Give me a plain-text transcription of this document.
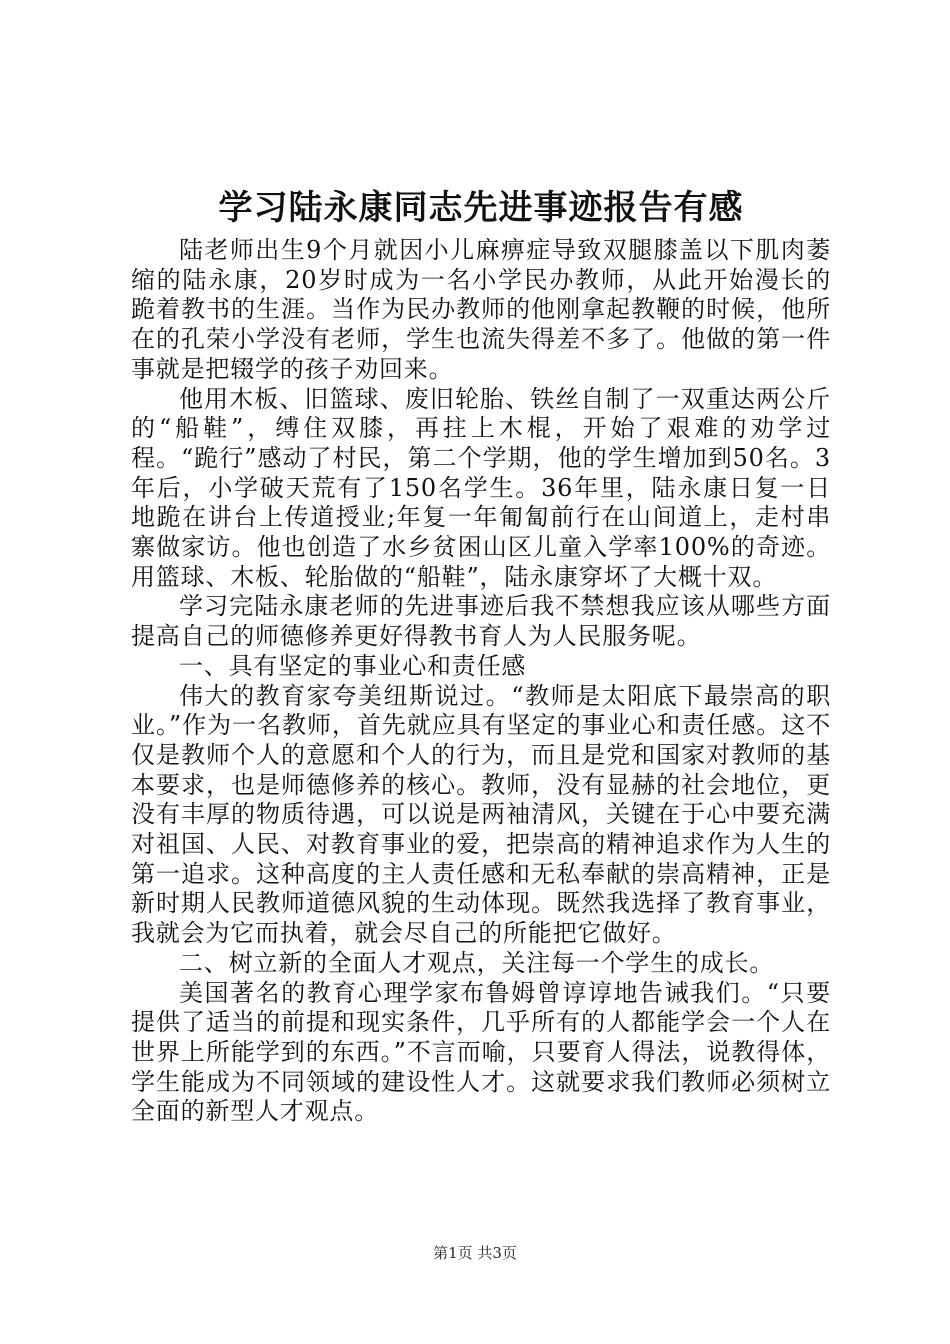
学习陆永康同志先进事迹报告有感

陆老师出生9个月就因小儿麻痹症导致双腿膝盖以下肌肉萎缩的陆永康，20岁时成为一名小学民办教师，从此开始漫长的跪着教书的生涯。当作为民办教师的他刚拿起教鞭的时候，他所在的孔荣小学没有老师，学生也流失得差不多了。他做的第一件事就是把辍学的孩子劝回来。

他用木板、旧篮球、废旧轮胎、铁丝自制了一双重达两公斤的“船鞋”，缚住双膝，再拄上木棍，开始了艰难的劝学过程。“跪行”感动了村民，第二个学期，他的学生增加到50名。3年后，小学破天荒有了150名学生。36年里，陆永康日复一日地跪在讲台上传道授业;年复一年匍匐前行在山间道上，走村串寨做家访。他也创造了水乡贫困山区儿童入学率100%的奇迹。用篮球、木板、轮胎做的“船鞋”，陆永康穿坏了大概十双。

学习完陆永康老师的先进事迹后我不禁想我应该从哪些方面提高自己的师德修养更好得教书育人为人民服务呢。

一、具有坚定的事业心和责任感

伟大的教育家夸美纽斯说过。“教师是太阳底下最崇高的职业。”作为一名教师，首先就应具有坚定的事业心和责任感。这不仅是教师个人的意愿和个人的行为，而且是党和国家对教师的基本要求，也是师德修养的核心。教师，没有显赫的社会地位，更没有丰厚的物质待遇，可以说是两袖清风，关键在于心中要充满对祖国、人民、对教育事业的爱，把崇高的精神追求作为人生的第一追求。这种高度的主人责任感和无私奉献的崇高精神，正是新时期人民教师道德风貌的生动体现。既然我选择了教育事业，我就会为它而执着，就会尽自己的所能把它做好。

二、树立新的全面人才观点，关注每一个学生的成长。

美国著名的教育心理学家布鲁姆曾谆谆地告诫我们。“只要提供了适当的前提和现实条件，几乎所有的人都能学会一个人在世界上所能学到的东西。”不言而喻，只要育人得法，说教得体，学生能成为不同领域的建设性人才。这就要求我们教师必须树立全面的新型人才观点。

第1页 共3页
